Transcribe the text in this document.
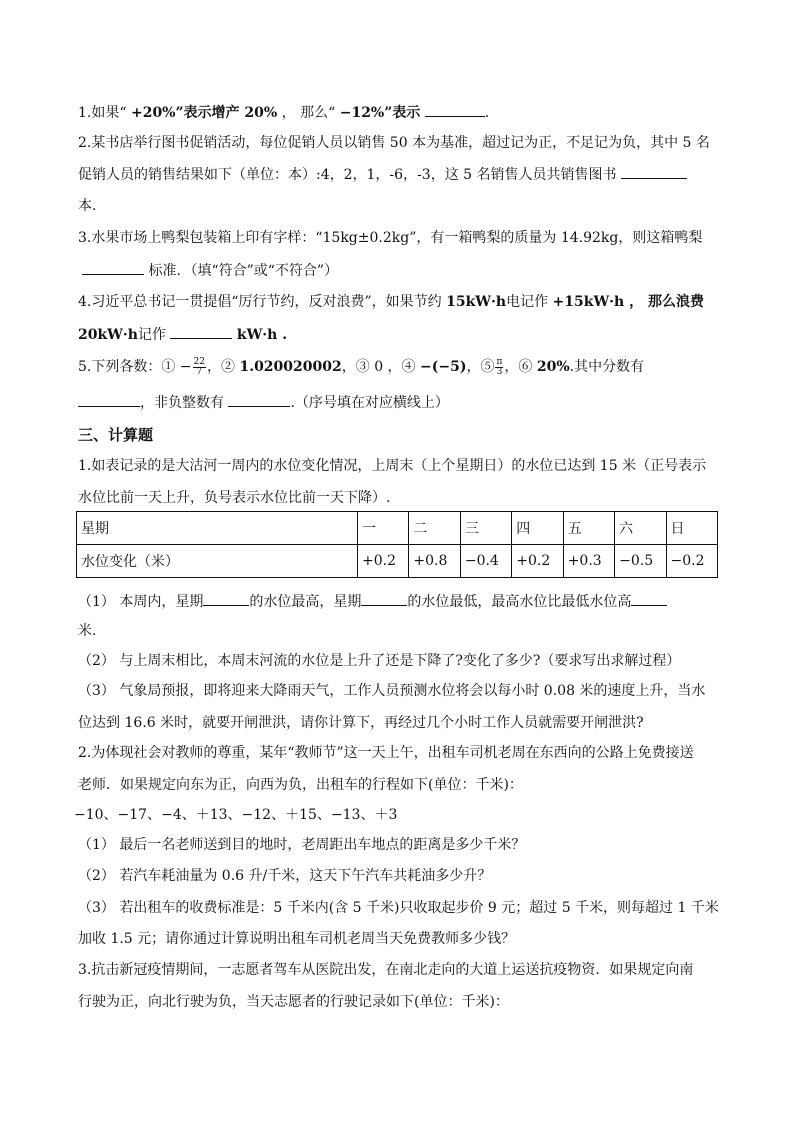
1.如果“ +20%”表示增产 20% ， 那么“ −12%”表示	.
2.某书店举行图书促销活动，每位促销人员以销售 50 本为基准，超过记为正，不足记为负，其中 5 名
促销人员的销售结果如下（单位：本）:4，2，1，-6，-3，这 5 名销售人员共销售图书
本.
3.水果市场上鸭梨包装箱上印有字样：“15kg±0.2kg”，有一箱鸭梨的质量为 14.92kg，则这箱鸭梨
标准．（填“符合”或“不符合”）
4.习近平总书记一贯提倡“厉行节约，反对浪费”，如果节约 15kW·h电记作 +15kW·h ， 那么浪费
20kW·h记作	kW·h .
5.下列各数：① − $\frac{22}{7}$ ，② 1.020020002，③ 0 ，④ −(−5)，⑤ $\frac{\pi}{3}$ ，⑥ 20%.其中分数有
，非负整数有	.（序号填在对应横线上）
三、计算题
1.如表记录的是大沽河一周内的水位变化情况，上周末（上个星期日）的水位已达到 15 米（正号表示
水位比前一天上升，负号表示水位比前一天下降）.
星期	一	二	三	四	五	六	日
水位变化（米）	+0.2	+0.8	−0.4	+0.2	+0.3	−0.5	−0.2
（1） 本周内，星期	的水位最高，星期	的水位最低，最高水位比最低水位高
米.
（2） 与上周末相比，本周末河流的水位是上升了还是下降了?变化了多少?（要求写出求解过程）
（3） 气象局预报，即将迎来大降雨天气，工作人员预测水位将会以每小时 0.08 米的速度上升，当水
位达到 16.6 米时，就要开闸泄洪，请你计算下，再经过几个小时工作人员就需要开闸泄洪?
2.为体现社会对教师的尊重，某年“教师节”这一天上午，出租车司机老周在东西向的公路上免费接送
老师．如果规定向东为正，向西为负，出租车的行程如下(单位：千米)：
−10、−17、−4、＋13、−12、＋15、−13、＋3
（1） 最后一名老师送到目的地时，老周距出车地点的距离是多少千米？
（2） 若汽车耗油量为 0.6 升/千米，这天下午汽车共耗油多少升？
（3） 若出租车的收费标准是：5 千米内(含 5 千米)只收取起步价 9 元；超过 5 千米，则每超过 1 千米
加收 1.5 元；请你通过计算说明出租车司机老周当天免费教师多少钱？
3.抗击新冠疫情期间，一志愿者驾车从医院出发，在南北走向的大道上运送抗疫物资．如果规定向南
行驶为正，向北行驶为负，当天志愿者的行驶记录如下(单位：千米)：
